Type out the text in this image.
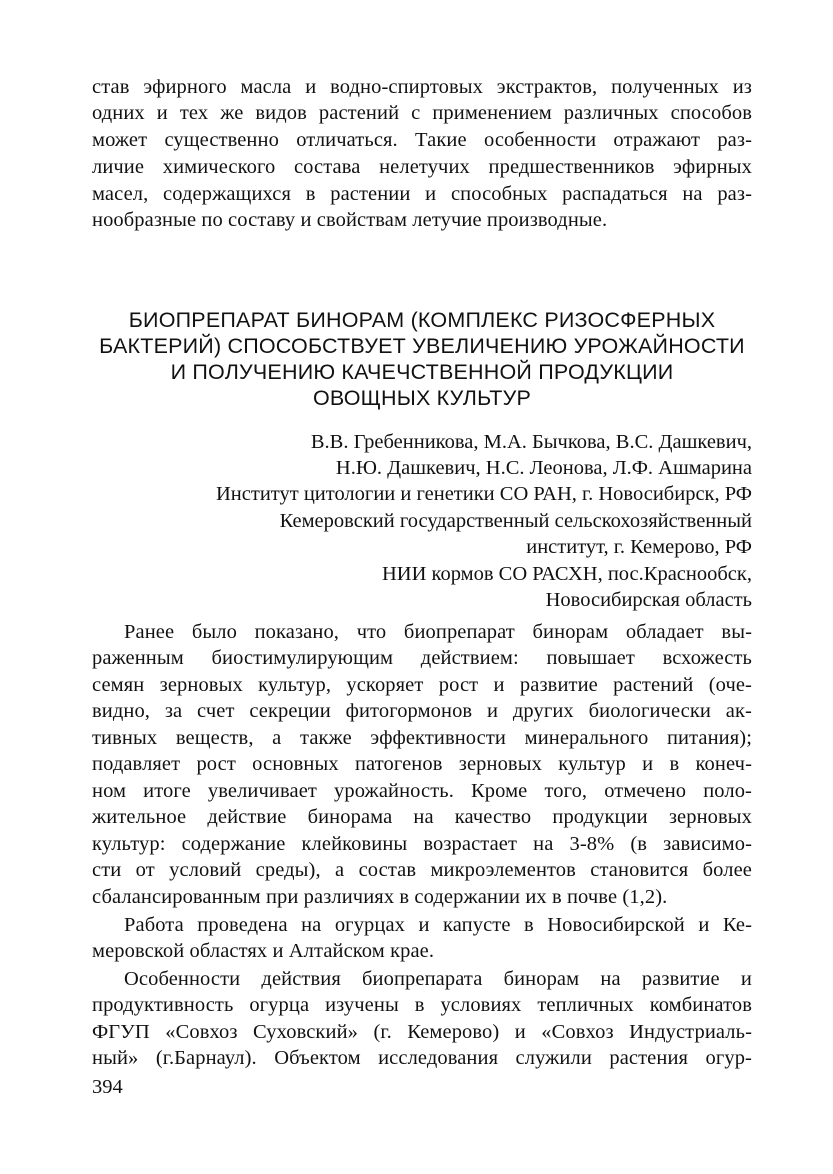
став эфирного масла и водно-спиртовых экстрактов, полученных из

одних и тех же видов растений с применением различных способов

может существенно отличаться. Такие особенности отражают раз-

личие химического состава нелетучих предшественников эфирных

масел, содержащихся в растении и способных распадаться на раз-

нообразные по составу и свойствам летучие производные.

БИОПРЕПАРАТ БИНОРАМ (КОМПЛЕКС РИЗОСФЕРНЫХ

БАКТЕРИЙ) СПОСОБСТВУЕТ УВЕЛИЧЕНИЮ УРОЖАЙНОСТИ

И ПОЛУЧЕНИЮ КАЧЕЧСТВЕННОЙ ПРОДУКЦИИ

ОВОЩНЫХ КУЛЬТУР

В.В. Гребенникова, М.А. Бычкова, В.С. Дашкевич,

Н.Ю. Дашкевич, Н.С. Леонова, Л.Ф. Ашмарина

Институт цитологии и генетики СО РАН, г. Новосибирск, РФ

Кемеровский государственный сельскохозяйственный

институт, г. Кемерово, РФ

НИИ кормов СО РАСХН, пос.Краснообск,

Новосибирская область

Ранее было показано, что биопрепарат бинорам обладает вы-

раженным биостимулирующим действием: повышает всхожесть

семян зерновых культур, ускоряет рост и развитие растений (оче-

видно, за счет секреции фитогормонов и других биологически ак-

тивных веществ, а также эффективности минерального питания);

подавляет рост основных патогенов зерновых культур и в конеч-

ном итоге увеличивает урожайность. Кроме того, отмечено поло-

жительное действие бинорама на качество продукции зерновых

культур: содержание клейковины возрастает на 3-8% (в зависимо-

сти от условий среды), а состав микроэлементов становится более

сбалансированным при различиях в содержании их в почве (1,2).

Работа проведена на огурцах и капусте в Новосибирской и Ке-

меровской областях и Алтайском крае.

Особенности действия биопрепарата бинорам на развитие и

продуктивность огурца изучены в условиях тепличных комбинатов

ФГУП «Совхоз Суховский» (г. Кемерово) и «Совхоз Индустриаль-

ный» (г.Барнаул). Объектом исследования служили растения огур-

394
